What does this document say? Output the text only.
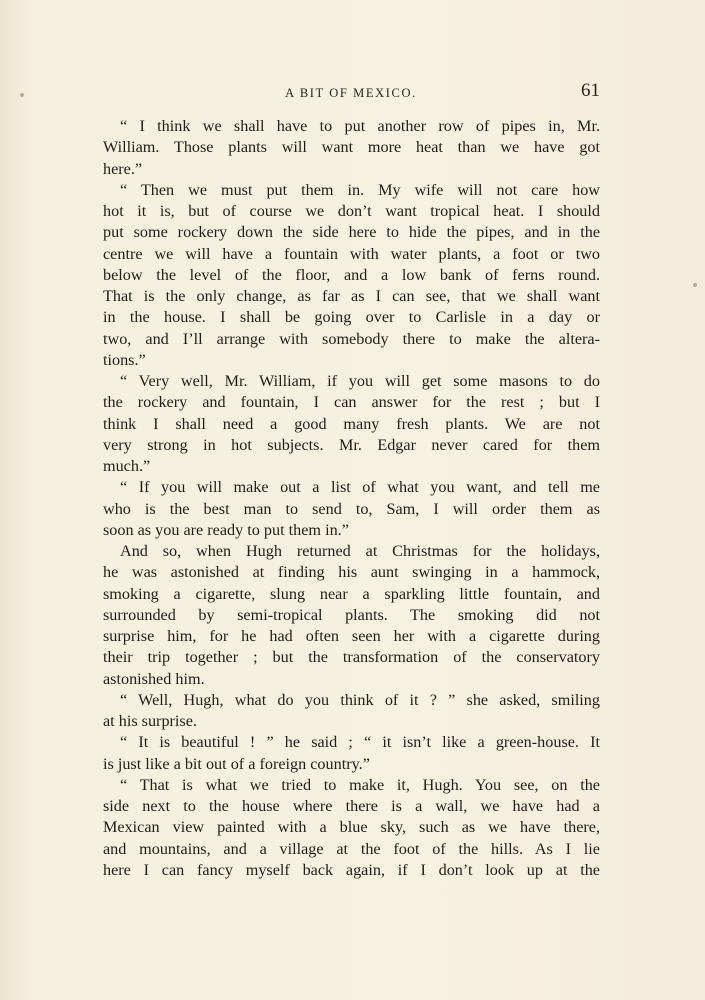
A BIT OF MEXICO.	61
“ I think we shall have to put another row of pipes in, Mr.
William. Those plants will want more heat than we have got
here.”
“ Then we must put them in. My wife will not care how
hot it is, but of course we don’t want tropical heat. I should
put some rockery down the side here to hide the pipes, and in the
centre we will have a fountain with water plants, a foot or two
below the level of the floor, and a low bank of ferns round.
That is the only change, as far as I can see, that we shall want
in the house. I shall be going over to Carlisle in a day or
two, and I’ll arrange with somebody there to make the altera-
tions.”
“ Very well, Mr. William, if you will get some masons to do
the rockery and fountain, I can answer for the rest ; but I
think I shall need a good many fresh plants. We are not
very strong in hot subjects. Mr. Edgar never cared for them
much.”
“ If you will make out a list of what you want, and tell me
who is the best man to send to, Sam, I will order them as
soon as you are ready to put them in.”
And so, when Hugh returned at Christmas for the holidays,
he was astonished at finding his aunt swinging in a hammock,
smoking a cigarette, slung near a sparkling little fountain, and
surrounded by semi-tropical plants. The smoking did not
surprise him, for he had often seen her with a cigarette during
their trip together ; but the transformation of the conservatory
astonished him.
“ Well, Hugh, what do you think of it ? ” she asked, smiling
at his surprise.
“ It is beautiful ! ” he said ; “ it isn’t like a green-house. It
is just like a bit out of a foreign country.”
“ That is what we tried to make it, Hugh. You see, on the
side next to the house where there is a wall, we have had a
Mexican view painted with a blue sky, such as we have there,
and mountains, and a village at the foot of the hills. As I lie
here I can fancy myself back again, if I don’t look up at the
